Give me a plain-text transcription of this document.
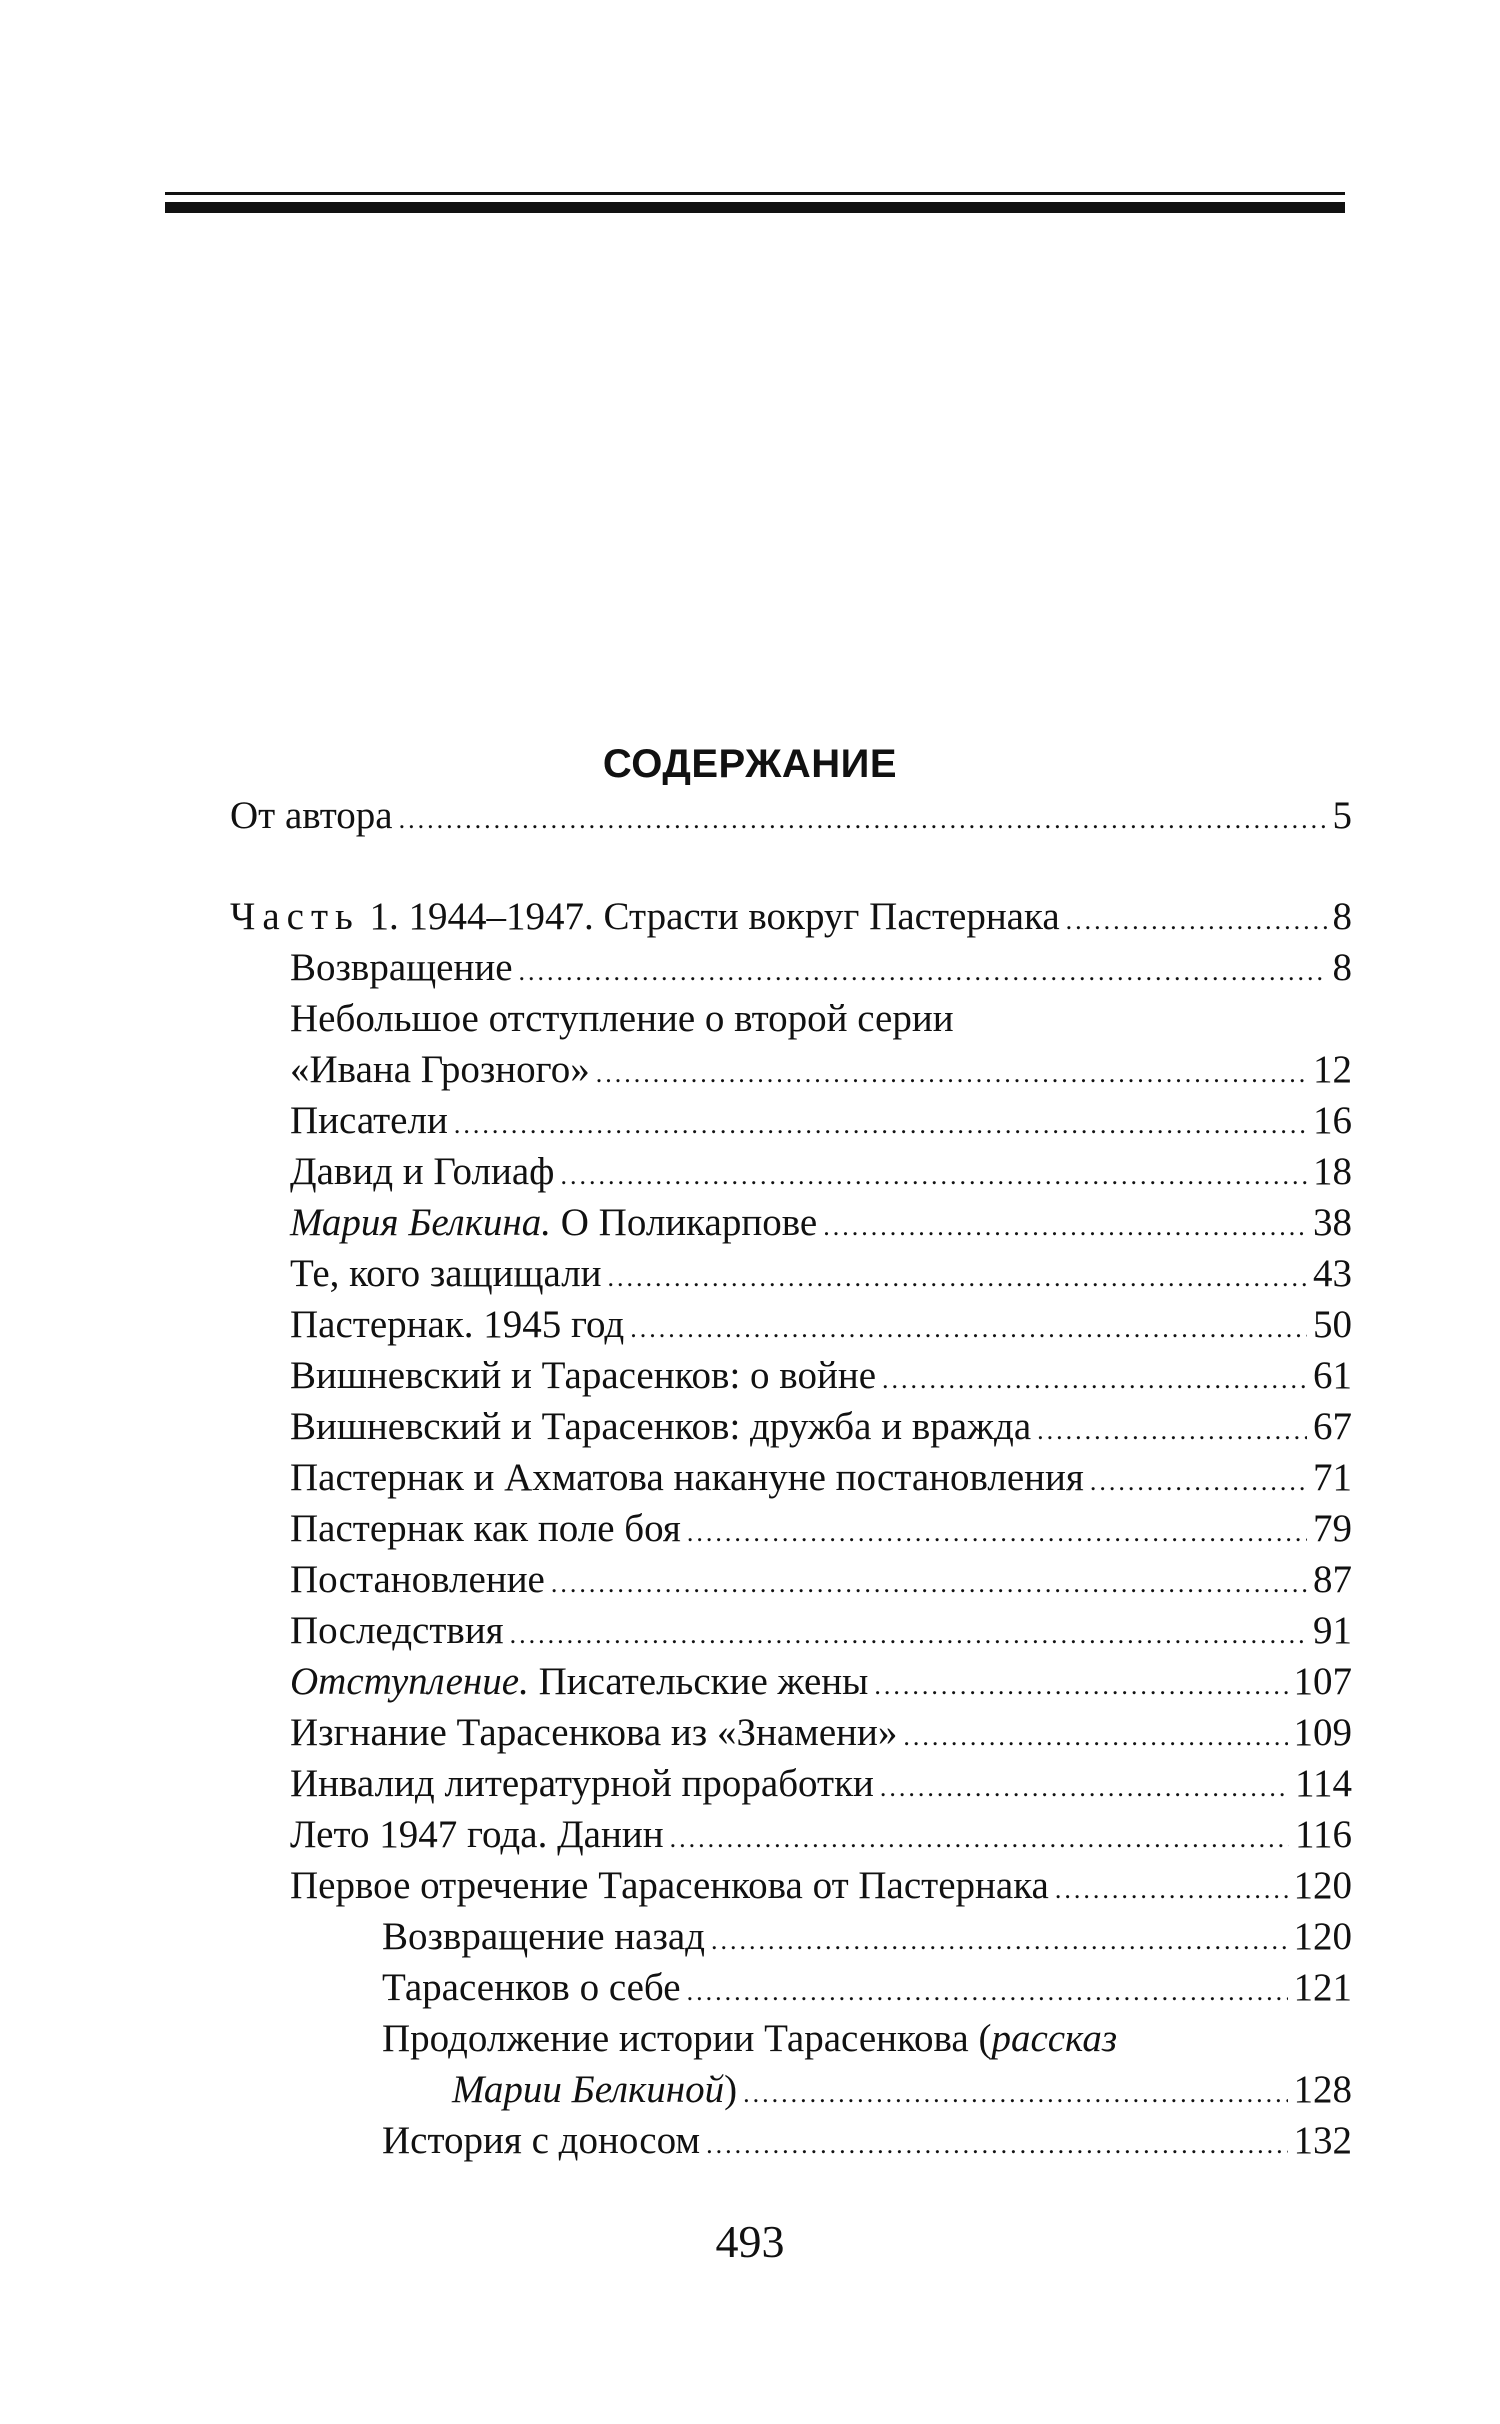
СОДЕРЖАНИЕ
От автора .....	5
Часть 1. 1944–1947. Страсти вокруг Пастернака .....	8
Возвращение .....	8
Небольшое отступление о второй серии
«Ивана Грозного» .....	12
Писатели .....	16
Давид и Голиаф .....	18
Мария Белкина. О Поликарпове .....	38
Те, кого защищали .....	43
Пастернак. 1945 год .....	50
Вишневский и Тарасенков: о войне .....	61
Вишневский и Тарасенков: дружба и вражда .....	67
Пастернак и Ахматова накануне постановления .....	71
Пастернак как поле боя .....	79
Постановление .....	87
Последствия .....	91
Отступление. Писательские жены .....	107
Изгнание Тарасенкова из «Знамени» .....	109
Инвалид литературной проработки .....	114
Лето 1947 года. Данин .....	116
Первое отречение Тарасенкова от Пастернака .....	120
Возвращение назад .....	120
Тарасенков о себе .....	121
Продолжение истории Тарасенкова (рассказ
Марии Белкиной) .....	128
История с доносом .....	132
493
